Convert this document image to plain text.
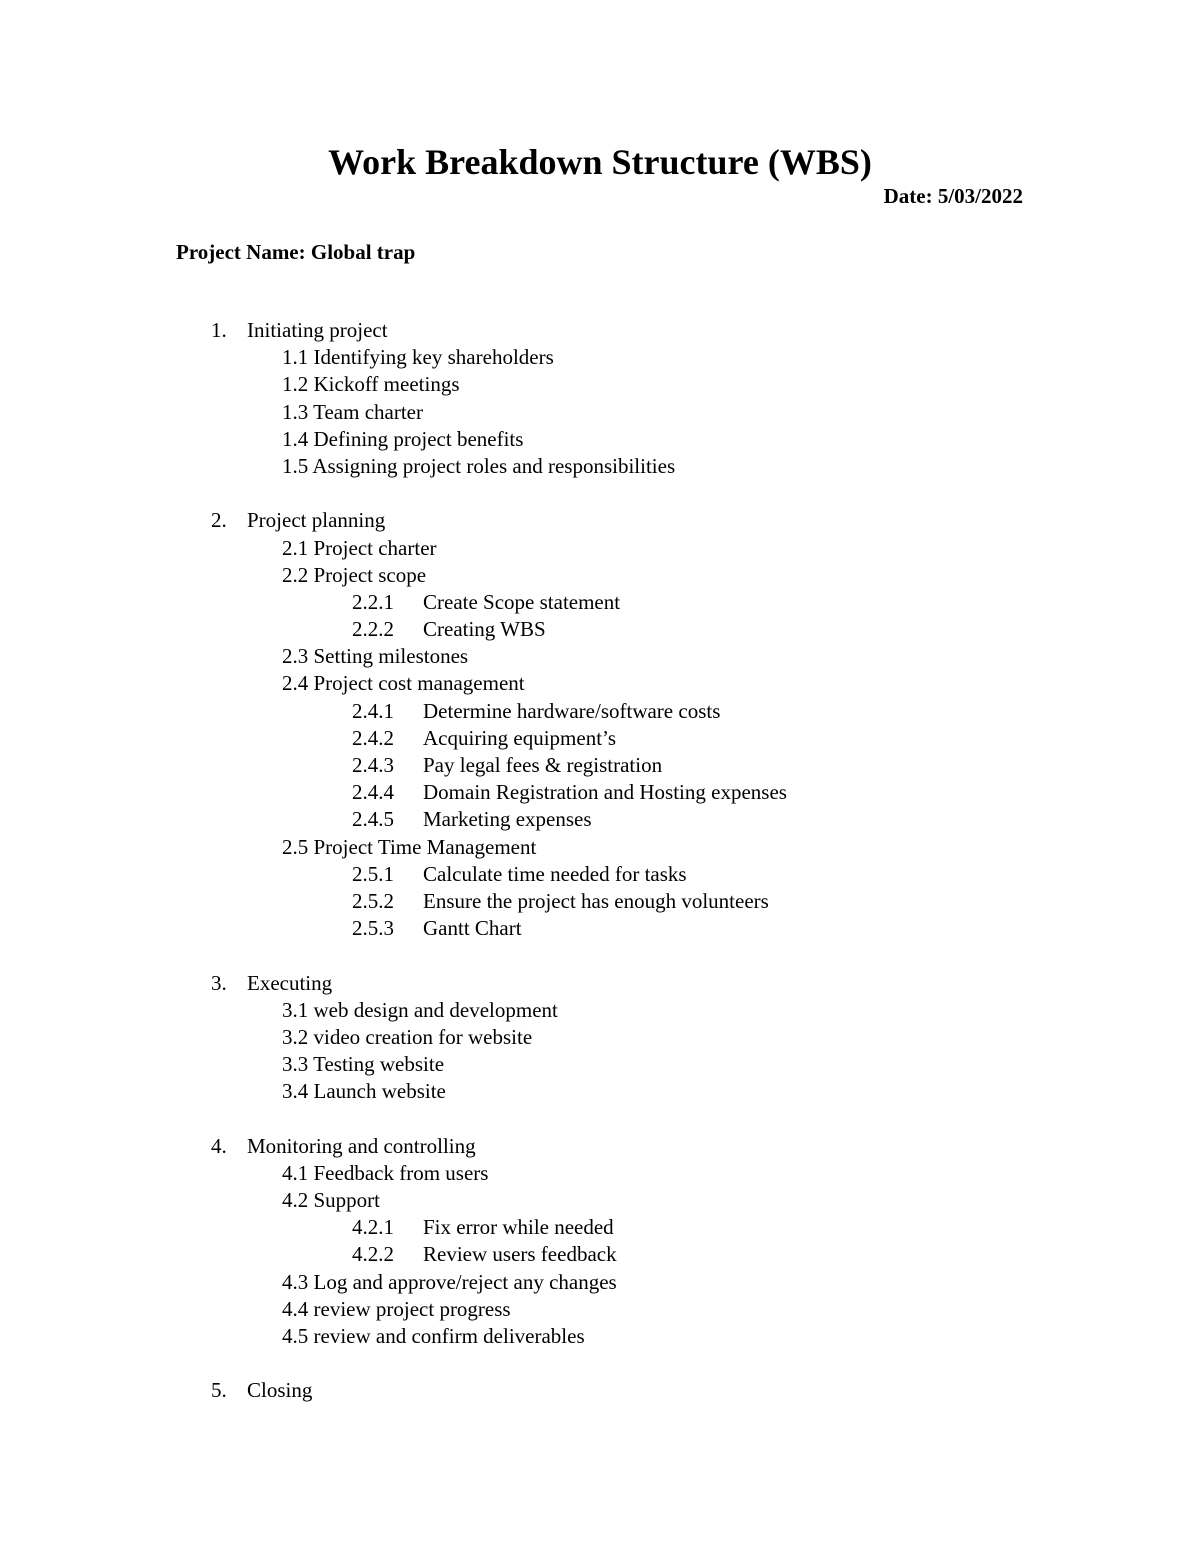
Work Breakdown Structure (WBS)
Date: 5/03/2022
Project Name: Global trap
1. Initiating project
1.1 Identifying key shareholders
1.2 Kickoff meetings
1.3 Team charter
1.4 Defining project benefits
1.5 Assigning project roles and responsibilities
2. Project planning
2.1 Project charter
2.2 Project scope
2.2.1 Create Scope statement
2.2.2 Creating WBS
2.3 Setting milestones
2.4 Project cost management
2.4.1 Determine hardware/software costs
2.4.2 Acquiring equipment’s
2.4.3 Pay legal fees & registration
2.4.4 Domain Registration and Hosting expenses
2.4.5 Marketing expenses
2.5 Project Time Management
2.5.1 Calculate time needed for tasks
2.5.2 Ensure the project has enough volunteers
2.5.3 Gantt Chart
3. Executing
3.1 web design and development
3.2 video creation for website
3.3 Testing website
3.4 Launch website
4. Monitoring and controlling
4.1 Feedback from users
4.2 Support
4.2.1 Fix error while needed
4.2.2 Review users feedback
4.3 Log and approve/reject any changes
4.4 review project progress
4.5 review and confirm deliverables
5. Closing
